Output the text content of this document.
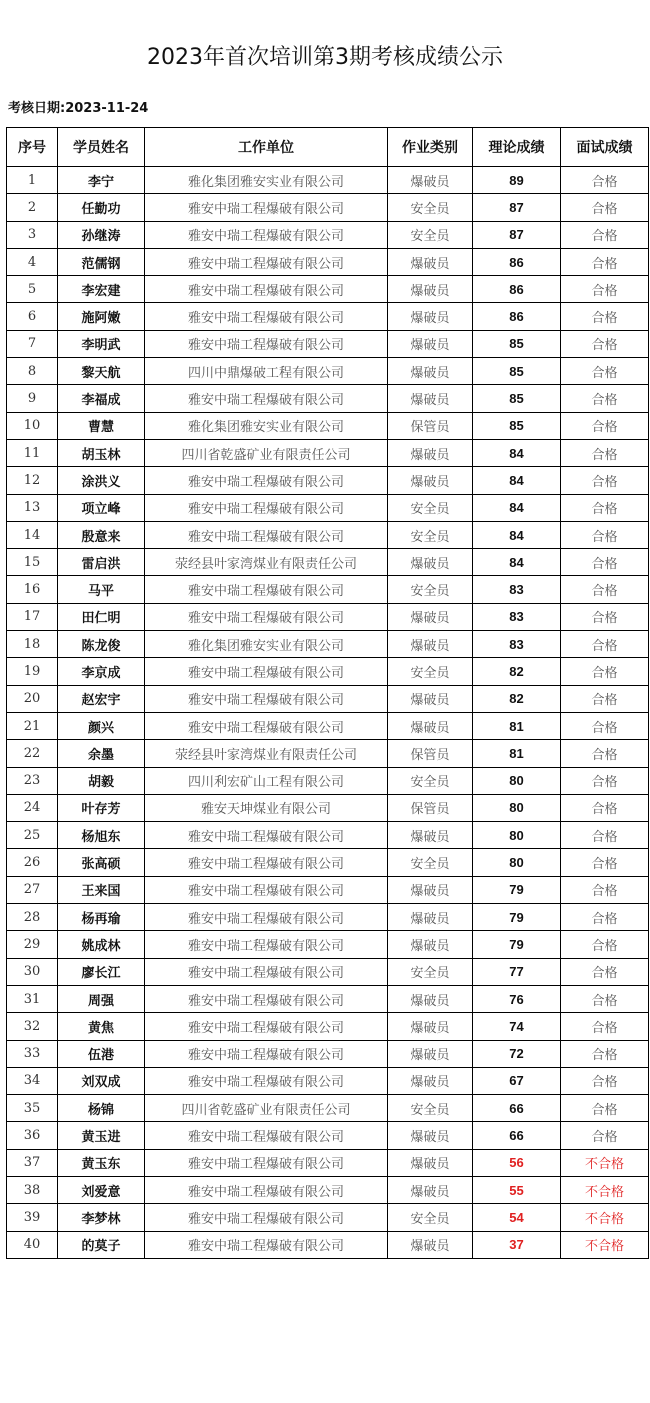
2023年首次培训第3期考核成绩公示
考核日期:2023-11-24
序号	学员姓名	工作单位	作业类别	理论成绩	面试成绩
1	李宁	雅化集团雅安实业有限公司	爆破员	89	合格
2	任勤功	雅安中瑞工程爆破有限公司	安全员	87	合格
3	孙继涛	雅安中瑞工程爆破有限公司	安全员	87	合格
4	范儒钢	雅安中瑞工程爆破有限公司	爆破员	86	合格
5	李宏建	雅安中瑞工程爆破有限公司	爆破员	86	合格
6	施阿嫩	雅安中瑞工程爆破有限公司	爆破员	86	合格
7	李明武	雅安中瑞工程爆破有限公司	爆破员	85	合格
8	黎天航	四川中鼎爆破工程有限公司	爆破员	85	合格
9	李福成	雅安中瑞工程爆破有限公司	爆破员	85	合格
10	曹慧	雅化集团雅安实业有限公司	保管员	85	合格
11	胡玉林	四川省乾盛矿业有限责任公司	爆破员	84	合格
12	涂洪义	雅安中瑞工程爆破有限公司	爆破员	84	合格
13	项立峰	雅安中瑞工程爆破有限公司	安全员	84	合格
14	殷意来	雅安中瑞工程爆破有限公司	安全员	84	合格
15	雷启洪	荥经县叶家湾煤业有限责任公司	爆破员	84	合格
16	马平	雅安中瑞工程爆破有限公司	安全员	83	合格
17	田仁明	雅安中瑞工程爆破有限公司	爆破员	83	合格
18	陈龙俊	雅化集团雅安实业有限公司	爆破员	83	合格
19	李京成	雅安中瑞工程爆破有限公司	安全员	82	合格
20	赵宏宇	雅安中瑞工程爆破有限公司	爆破员	82	合格
21	颜兴	雅安中瑞工程爆破有限公司	爆破员	81	合格
22	余墨	荥经县叶家湾煤业有限责任公司	保管员	81	合格
23	胡毅	四川利宏矿山工程有限公司	安全员	80	合格
24	叶存芳	雅安天坤煤业有限公司	保管员	80	合格
25	杨旭东	雅安中瑞工程爆破有限公司	爆破员	80	合格
26	张高硕	雅安中瑞工程爆破有限公司	安全员	80	合格
27	王来国	雅安中瑞工程爆破有限公司	爆破员	79	合格
28	杨再瑜	雅安中瑞工程爆破有限公司	爆破员	79	合格
29	姚成林	雅安中瑞工程爆破有限公司	爆破员	79	合格
30	廖长江	雅安中瑞工程爆破有限公司	安全员	77	合格
31	周强	雅安中瑞工程爆破有限公司	爆破员	76	合格
32	黄焦	雅安中瑞工程爆破有限公司	爆破员	74	合格
33	伍港	雅安中瑞工程爆破有限公司	爆破员	72	合格
34	刘双成	雅安中瑞工程爆破有限公司	爆破员	67	合格
35	杨锦	四川省乾盛矿业有限责任公司	安全员	66	合格
36	黄玉进	雅安中瑞工程爆破有限公司	爆破员	66	合格
37	黄玉东	雅安中瑞工程爆破有限公司	爆破员	56	不合格
38	刘爱意	雅安中瑞工程爆破有限公司	爆破员	55	不合格
39	李梦林	雅安中瑞工程爆破有限公司	安全员	54	不合格
40	的莫子	雅安中瑞工程爆破有限公司	爆破员	37	不合格
